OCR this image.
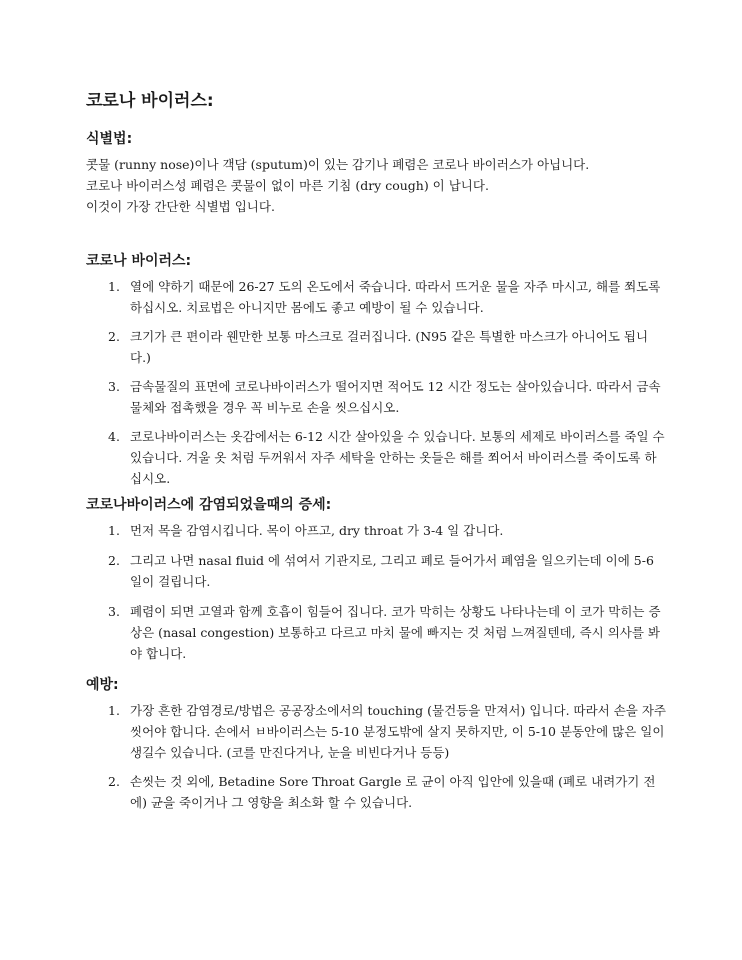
코로나 바이러스:
식별법:
콧물 (runny nose)이나 객담 (sputum)이 있는 감기나 폐렴은 코로나 바이러스가 아닙니다.
코로나 바이러스성 폐렴은 콧물이 없이 마른 기침 (dry cough) 이 납니다.
이것이 가장 간단한 식별법 입니다.
코로나 바이러스:
1. 열에 약하기 때문에 26-27 도의 온도에서 죽습니다. 따라서 뜨거운 물을 자주 마시고, 해를 쬐도록 하십시오. 치료법은 아니지만 몸에도 좋고 예방이 될 수 있습니다.
2. 크기가 큰 편이라 웬만한 보통 마스크로 걸러집니다. (N95 같은 특별한 마스크가 아니어도 됩니다.)
3. 금속물질의 표면에 코로나바이러스가 떨어지면 적어도 12 시간 정도는 살아있습니다. 따라서 금속물체와 접촉했을 경우 꼭 비누로 손을 씻으십시오.
4. 코로나바이러스는 옷감에서는 6-12 시간 살아있을 수 있습니다. 보통의 세제로 바이러스를 죽일 수 있습니다. 겨울 옷 처럼 두꺼워서 자주 세탁을 안하는 옷들은 해를 쬐어서 바이러스를 죽이도록 하십시오.
코로나바이러스에 감염되었을때의 증세:
1. 먼저 목을 감염시킵니다. 목이 아프고, dry throat 가 3-4 일 갑니다.
2. 그리고 나면 nasal fluid 에 섞여서 기관지로, 그리고 폐로 들어가서 폐염을 일으키는데 이에 5-6 일이 걸립니다.
3. 폐렴이 되면 고열과 함께 호흡이 힘들어 집니다. 코가 막히는 상황도 나타나는데 이 코가 막히는 증상은 (nasal congestion) 보통하고 다르고 마치 물에 빠지는 것 처럼 느껴질텐데, 즉시 의사를 봐야 합니다.
예방:
1. 가장 흔한 감염경로/방법은 공공장소에서의 touching (물건등을 만져서) 입니다. 따라서 손을 자주 씻어야 합니다. 손에서 ㅂ바이러스는 5-10 분정도밖에 살지 못하지만, 이 5-10 분동안에 많은 일이 생길수 있습니다. (코를 만진다거나, 눈을 비빈다거나 등등)
2. 손씻는 것 외에, Betadine Sore Throat Gargle 로 균이 아직 입안에 있을때 (폐로 내려가기 전에) 균을 죽이거나 그 영향을 최소화 할 수 있습니다.
